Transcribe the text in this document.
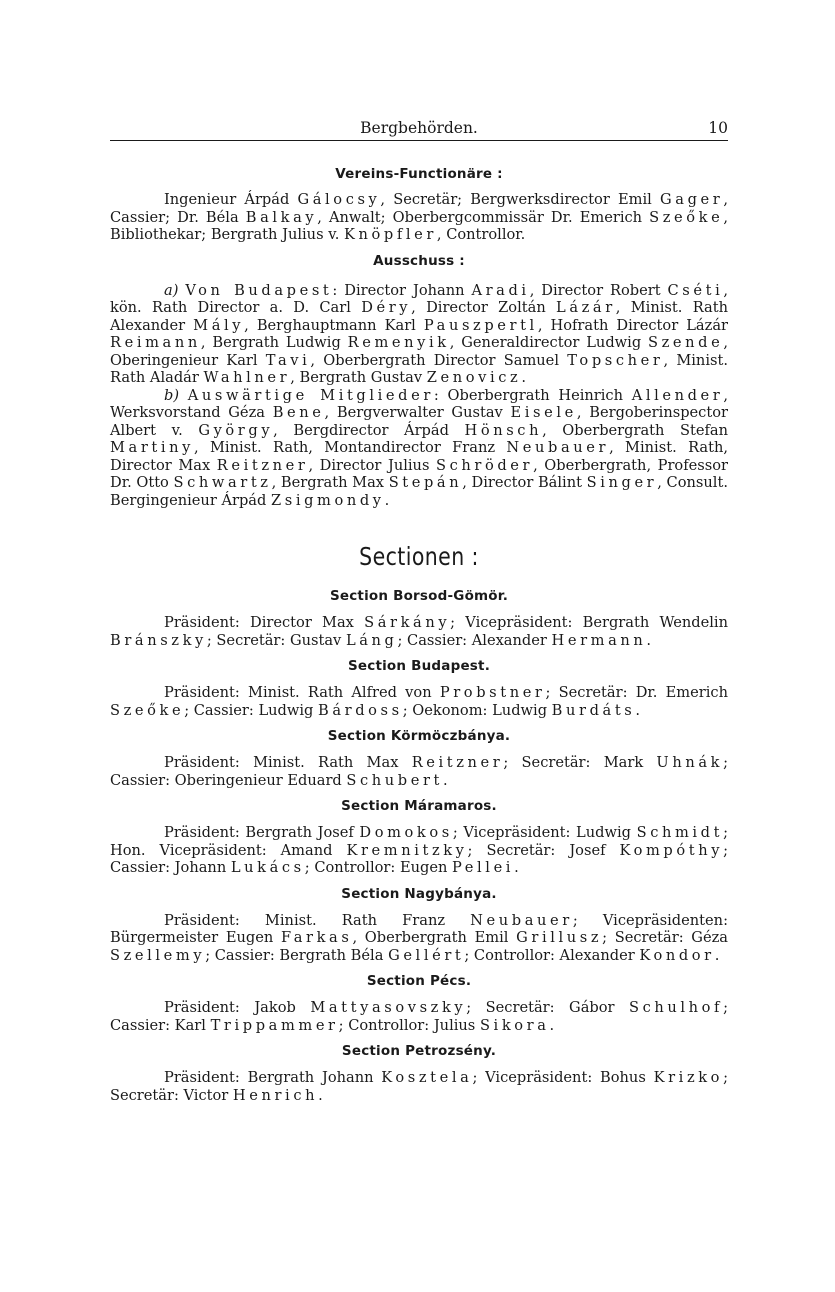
Bergbehörden.	10
Vereins-Functionäre :

Ingenieur Árpád Gálocsy, Secretär; Bergwerksdirector Emil Gager, Cassier; Dr. Béla Balkay, Anwalt; Oberbergcommissär Dr. Emerich Szeőke, Bibliothekar; Bergrath Julius v. Knöpfler, Controllor.

Ausschuss :

a) Von Budapest: Director Johann Aradi, Director Robert Cséti, kön. Rath Director a. D. Carl Déry, Director Zoltán Lázár, Minist. Rath Alexander Mály, Berghauptmann Karl Pauszpertl, Hofrath Director Lázár Reimann, Bergrath Ludwig Remenyik, Generaldirector Ludwig Szende, Oberingenieur Karl Tavi, Oberbergrath Director Samuel Topscher, Minist. Rath Aladár Wahlner, Bergrath Gustav Zenovicz.

b) Auswärtige Mitglieder: Oberbergrath Heinrich Allender, Werksvorstand Géza Bene, Bergverwalter Gustav Eisele, Bergoberinspector Albert v. György, Bergdirector Árpád Hönsch, Oberbergrath Stefan Martiny, Minist. Rath, Montandirector Franz Neubauer, Minist. Rath, Director Max Reitzner, Director Julius Schröder, Oberbergrath, Professor Dr. Otto Schwartz, Bergrath Max Stepán, Director Bálint Singer, Consult. Bergingenieur Árpád Zsigmondy.

Sectionen :
Section Borsod-Gömör.

Präsident: Director Max Sárkány; Vicepräsident: Bergrath Wendelin Bránszky; Secretär: Gustav Láng; Cassier: Alexander Hermann.

Section Budapest.

Präsident: Minist. Rath Alfred von Probstner; Secretär: Dr. Emerich Szeőke; Cassier: Ludwig Bárdoss; Oekonom: Ludwig Burdáts.

Section Körmöczbánya.

Präsident: Minist. Rath Max Reitzner; Secretär: Mark Uhnák; Cassier: Oberingenieur Eduard Schubert.

Section Máramaros.

Präsident: Bergrath Josef Domokos; Vicepräsident: Ludwig Schmidt; Hon. Vicepräsident: Amand Kremnitzky; Secretär: Josef Kompóthy; Cassier: Johann Lukács; Controllor: Eugen Pellei.

Section Nagybánya.

Präsident: Minist. Rath Franz Neubauer; Vicepräsidenten: Bürgermeister Eugen Farkas, Oberbergrath Emil Grillusz; Secretär: Géza Szellemy; Cassier: Bergrath Béla Gellért; Controllor: Alexander Kondor.

Section Pécs.

Präsident: Jakob Mattyasovszky; Secretär: Gábor Schulhof; Cassier: Karl Trippammer; Controllor: Julius Sikora.

Section Petrozsény.

Präsident: Bergrath Johann Kosztela; Vicepräsident: Bohus Krizko; Secretär: Victor Henrich.
